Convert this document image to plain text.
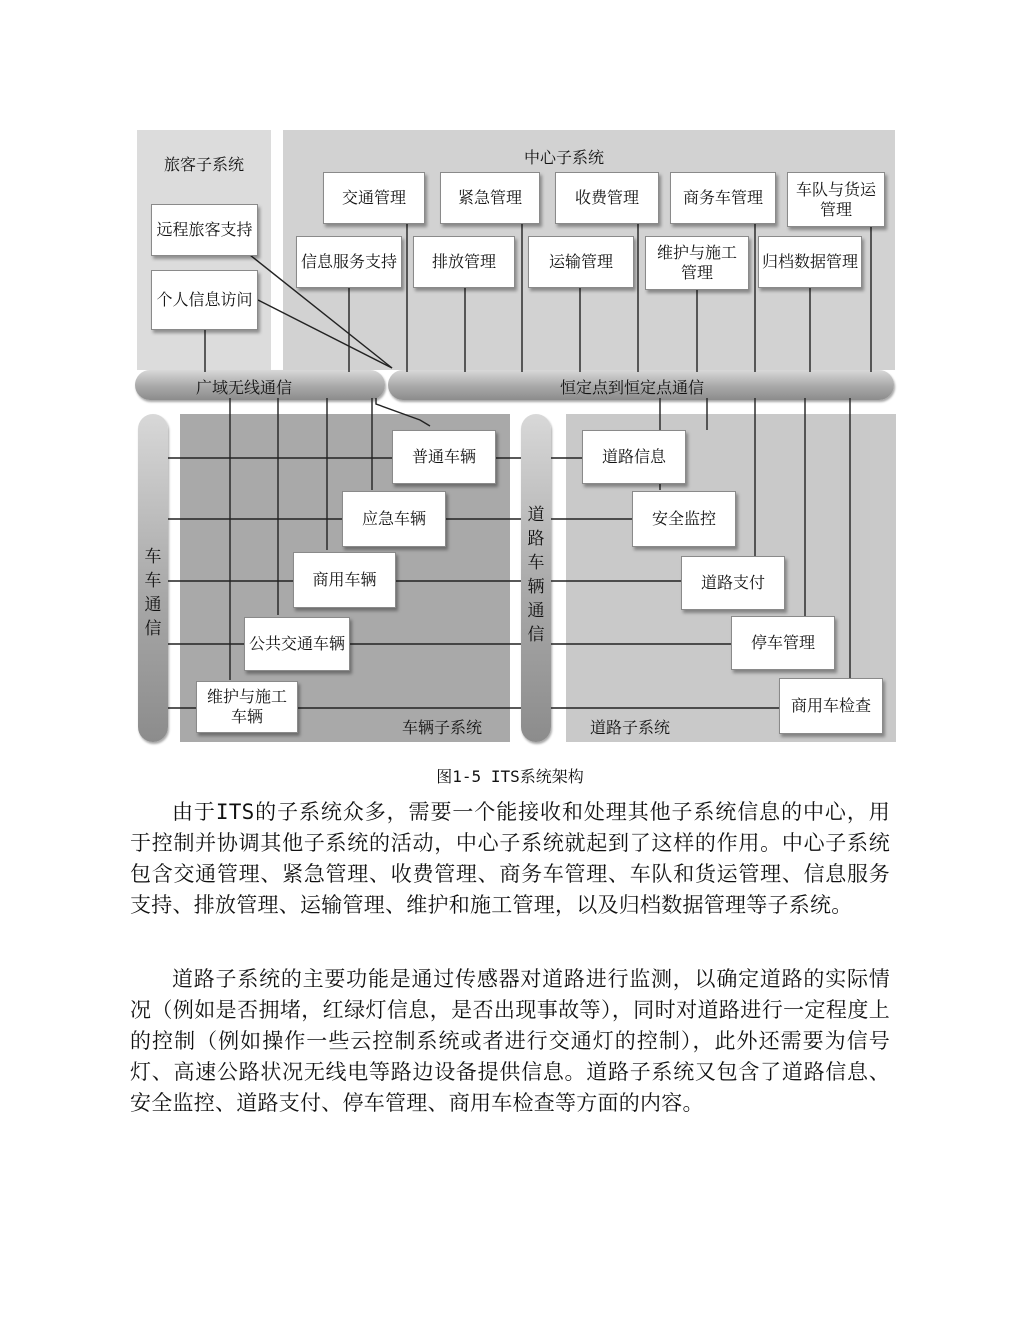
旅客子系统
远程旅客支持
个人信息访问
中心子系统
交通管理	紧急管理	收费管理	商务车管理	车队与货运
管理
信息服务支持	排放管理	运输管理	维护与施工
管理
归档数据管理
广域无线通信	恒定点到恒定点通信
车车通信
道路车辆通信
普通车辆
应急车辆
商用车辆
公共交通车辆
维护与施工
车辆
车辆子系统
道路信息
安全监控
道路支付
停车管理
商用车检查
道路子系统
图1-5 ITS系统架构

由于ITS的子系统众多，需要一个能接收和处理其他子系统信息的中心，用于控制并协调其他子系统的活动，中心子系统就起到了这样的作用。中心子系统包含交通管理、紧急管理、收费管理、商务车管理、车队和货运管理、信息服务支持、排放管理、运输管理、维护和施工管理，以及归档数据管理等子系统。

道路子系统的主要功能是通过传感器对道路进行监测，以确定道路的实际情况（例如是否拥堵，红绿灯信息，是否出现事故等），同时对道路进行一定程度上的控制（例如操作一些云控制系统或者进行交通灯的控制），此外还需要为信号灯、高速公路状况无线电等路边设备提供信息。道路子系统又包含了道路信息、安全监控、道路支付、停车管理、商用车检查等方面的内容。
